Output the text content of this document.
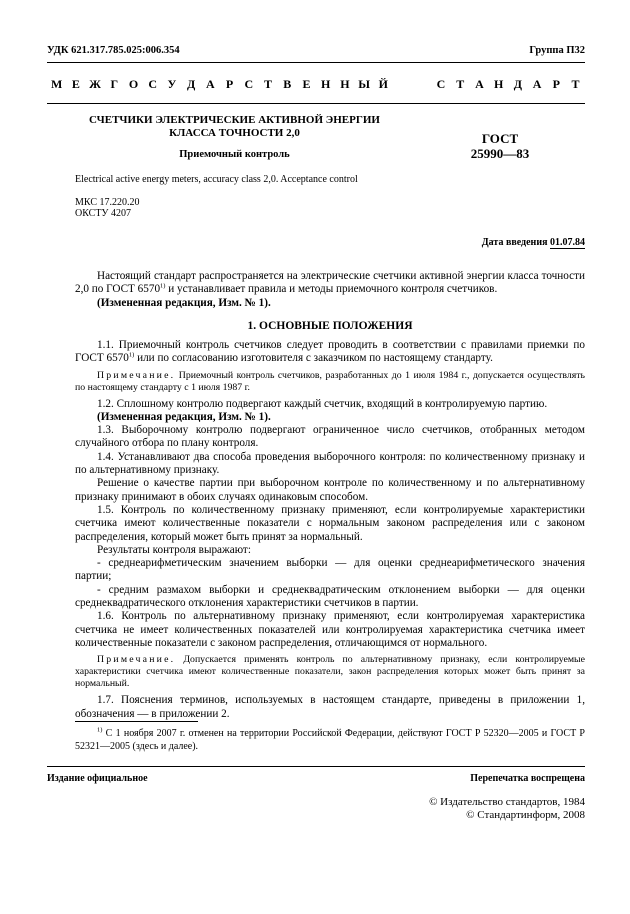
УДК 621.317.785.025:006.354	Группа П32
М Е Ж Г О С У Д А Р С Т В Е Н Н Ы Й	С Т А Н Д А Р Т
СЧЕТЧИКИ ЭЛЕКТРИЧЕСКИЕ АКТИВНОЙ ЭНЕРГИИ
КЛАССА ТОЧНОСТИ 2,0
Приемочный контроль
ГОСТ
25990—83
Electrical active energy meters, accuracy class 2,0. Acceptance control
МКС 17.220.20
ОКСТУ 4207
Дата введения 01.07.84

Настоящий стандарт распространяется на электрические счетчики активной энергии класса точности 2,0 по ГОСТ 6570$^{1)}$ и устанавливает правила и методы приемочного контроля счетчиков.

(Измененная редакция, Изм. № 1).

1. ОСНОВНЫЕ ПОЛОЖЕНИЯ

1.1. Приемочный контроль счетчиков следует проводить в соответствии с правилами приемки по ГОСТ 6570$^{1)}$ или по согласованию изготовителя с заказчиком по настоящему стандарту.

Примечание. Приемочный контроль счетчиков, разработанных до 1 июля 1984 г., допускается осуществлять по настоящему стандарту с 1 июля 1987 г.

1.2. Сплошному контролю подвергают каждый счетчик, входящий в контролируемую партию.

(Измененная редакция, Изм. № 1).

1.3. Выборочному контролю подвергают ограниченное число счетчиков, отобранных методом случайного отбора по плану контроля.

1.4. Устанавливают два способа проведения выборочного контроля: по количественному признаку и по альтернативному признаку.

Решение о качестве партии при выборочном контроле по количественному и по альтернативному признаку принимают в обоих случаях одинаковым способом.

1.5. Контроль по количественному признаку применяют, если контролируемые характеристики счетчика имеют количественные показатели с нормальным законом распределения или с законом распределения, который может быть принят за нормальный.

Результаты контроля выражают:

- среднеарифметическим значением выборки — для оценки среднеарифметического значения партии;

- средним размахом выборки и среднеквадратическим отклонением выборки — для оценки среднеквадратического отклонения характеристики счетчиков в партии.

1.6. Контроль по альтернативному признаку применяют, если контролируемая характеристика счетчика не имеет количественных показателей или контролируемая характеристика счетчика имеет количественные показатели с законом распределения, отличающимся от нормального.

Примечание. Допускается применять контроль по альтернативному признаку, если контролируемые характеристики счетчика имеют количественные показатели, закон распределения которых может быть принят за нормальный.

1.7. Пояснения терминов, используемых в настоящем стандарте, приведены в приложении 1, обозначения — в приложении 2.

$^{1)}$ С 1 ноября 2007 г. отменен на территории Российской Федерации, действуют ГОСТ Р 52320—2005 и ГОСТ Р 52321—2005 (здесь и далее).
Издание официальное	Перепечатка воспрещена
© Издательство стандартов, 1984
© Стандартинформ, 2008
